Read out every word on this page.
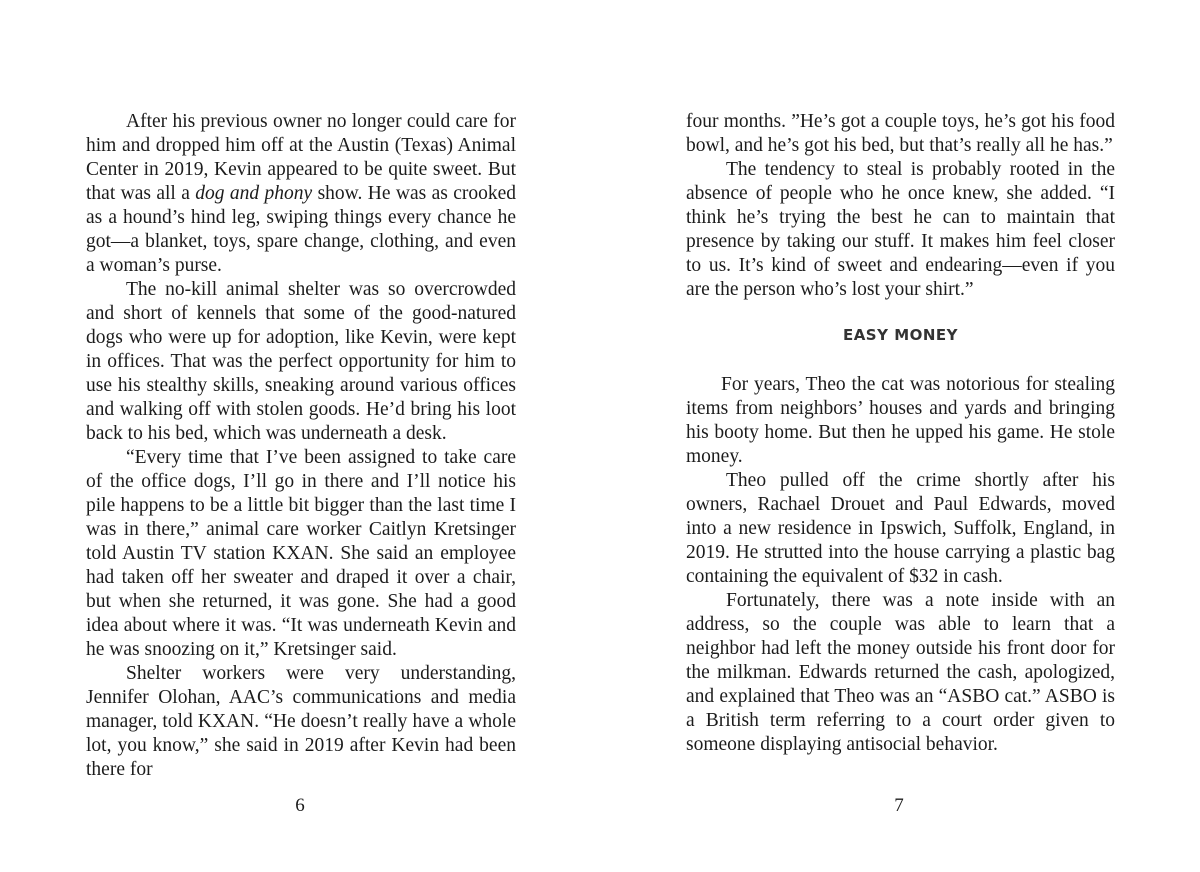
After his previous owner no longer could care for him and dropped him off at the Austin (Texas) Animal Center in 2019, Kevin appeared to be quite sweet. But that was all a dog and phony show. He was as crooked as a hound’s hind leg, swiping things every chance he got—a blanket, toys, spare change, clothing, and even a woman’s purse.

The no-kill animal shelter was so overcrowded and short of kennels that some of the good-natured dogs who were up for adoption, like Kevin, were kept in offices. That was the perfect opportunity for him to use his stealthy skills, sneaking around various offices and walking off with stolen goods. He’d bring his loot back to his bed, which was underneath a desk.

“Every time that I’ve been assigned to take care of the office dogs, I’ll go in there and I’ll notice his pile happens to be a little bit bigger than the last time I was in there,” animal care worker Caitlyn Kretsinger told Austin TV station KXAN. She said an employee had taken off her sweater and draped it over a chair, but when she returned, it was gone. She had a good idea about where it was. “It was underneath Kevin and he was snoozing on it,” Kretsinger said.

Shelter workers were very understanding, Jennifer Olohan, AAC’s communications and media manager, told KXAN. “He doesn’t really have a whole lot, you know,” she said in 2019 after Kevin had been there for

6

four months. ”He’s got a couple toys, he’s got his food bowl, and he’s got his bed, but that’s really all he has.”

The tendency to steal is probably rooted in the absence of people who he once knew, she added. “I think he’s trying the best he can to maintain that presence by taking our stuff. It makes him feel closer to us. It’s kind of sweet and endearing—even if you are the person who’s lost your shirt.”

EASY MONEY

For years, Theo the cat was notorious for stealing items from neighbors’ houses and yards and bringing his booty home. But then he upped his game. He stole money.

Theo pulled off the crime shortly after his owners, Rachael Drouet and Paul Edwards, moved into a new residence in Ipswich, Suffolk, England, in 2019. He strutted into the house carrying a plastic bag containing the equivalent of $32 in cash.

Fortunately, there was a note inside with an address, so the couple was able to learn that a neighbor had left the money outside his front door for the milkman. Edwards returned the cash, apologized, and explained that Theo was an “ASBO cat.” ASBO is a British term referring to a court order given to someone displaying antisocial behavior.

7
